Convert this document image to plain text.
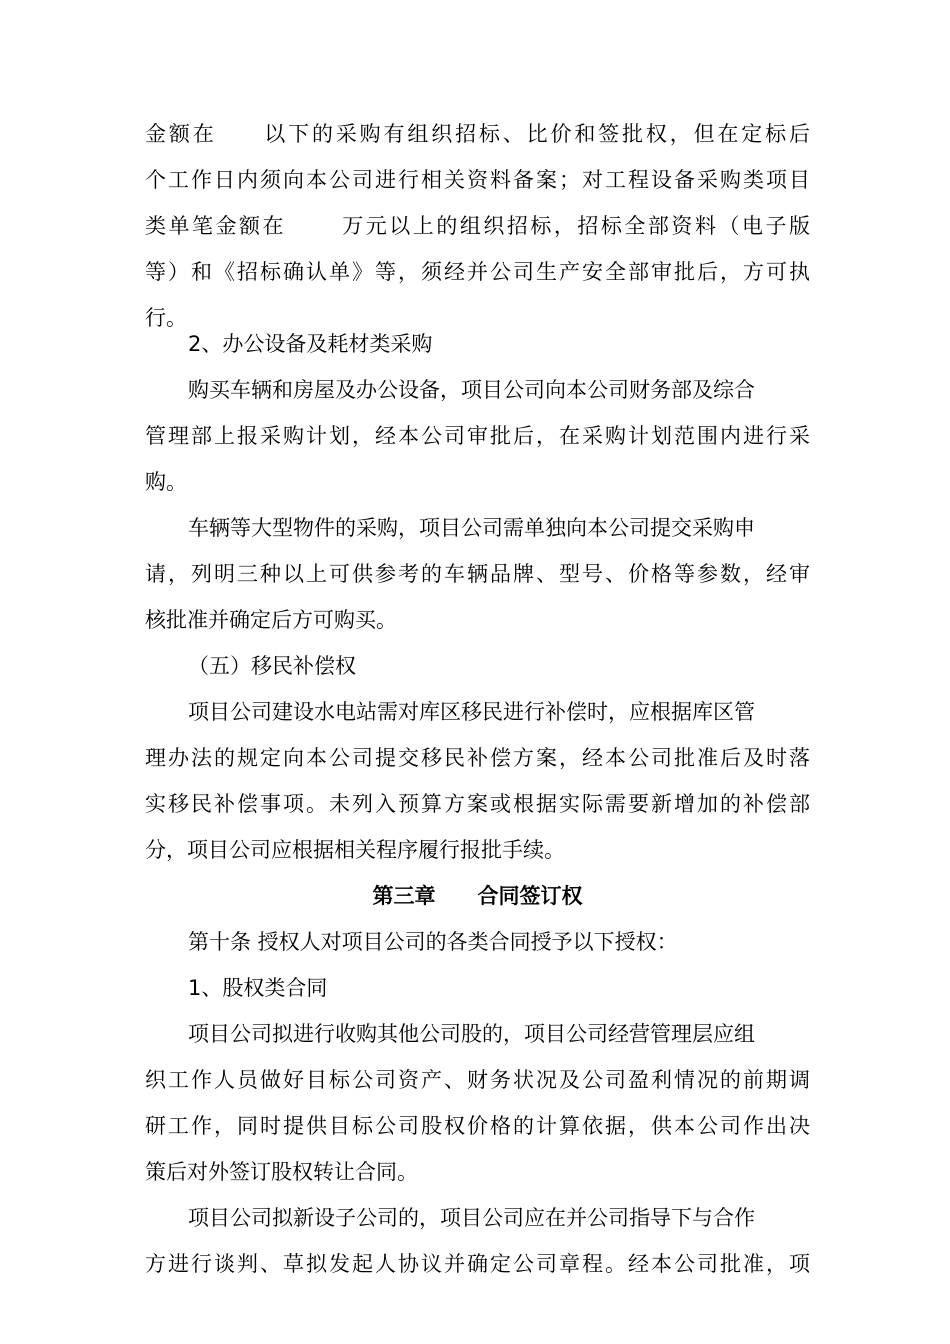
金额在　　以下的采购有组织招标、比价和签批权，但在定标后
个工作日内须向本公司进行相关资料备案；对工程设备采购类项目
类单笔金额在　　 万元以上的组织招标，招标全部资料（电子版
等）和《招标确认单》等，须经并公司生产安全部审批后，方可执
行。
2、办公设备及耗材类采购
购买车辆和房屋及办公设备，项目公司向本公司财务部及综合
管理部上报采购计划，经本公司审批后，在采购计划范围内进行采
购。
车辆等大型物件的采购，项目公司需单独向本公司提交采购申
请，列明三种以上可供参考的车辆品牌、型号、价格等参数，经审
核批准并确定后方可购买。
（五）移民补偿权
项目公司建设水电站需对库区移民进行补偿时，应根据库区管
理办法的规定向本公司提交移民补偿方案，经本公司批准后及时落
实移民补偿事项。未列入预算方案或根据实际需要新增加的补偿部
分，项目公司应根据相关程序履行报批手续。
第三章　　合同签订权
第十条 授权人对项目公司的各类合同授予以下授权：
1、股权类合同
项目公司拟进行收购其他公司股的，项目公司经营管理层应组
织工作人员做好目标公司资产、财务状况及公司盈利情况的前期调
研工作，同时提供目标公司股权价格的计算依据，供本公司作出决
策后对外签订股权转让合同。
项目公司拟新设子公司的，项目公司应在并公司指导下与合作
方进行谈判、草拟发起人协议并确定公司章程。经本公司批准，项
